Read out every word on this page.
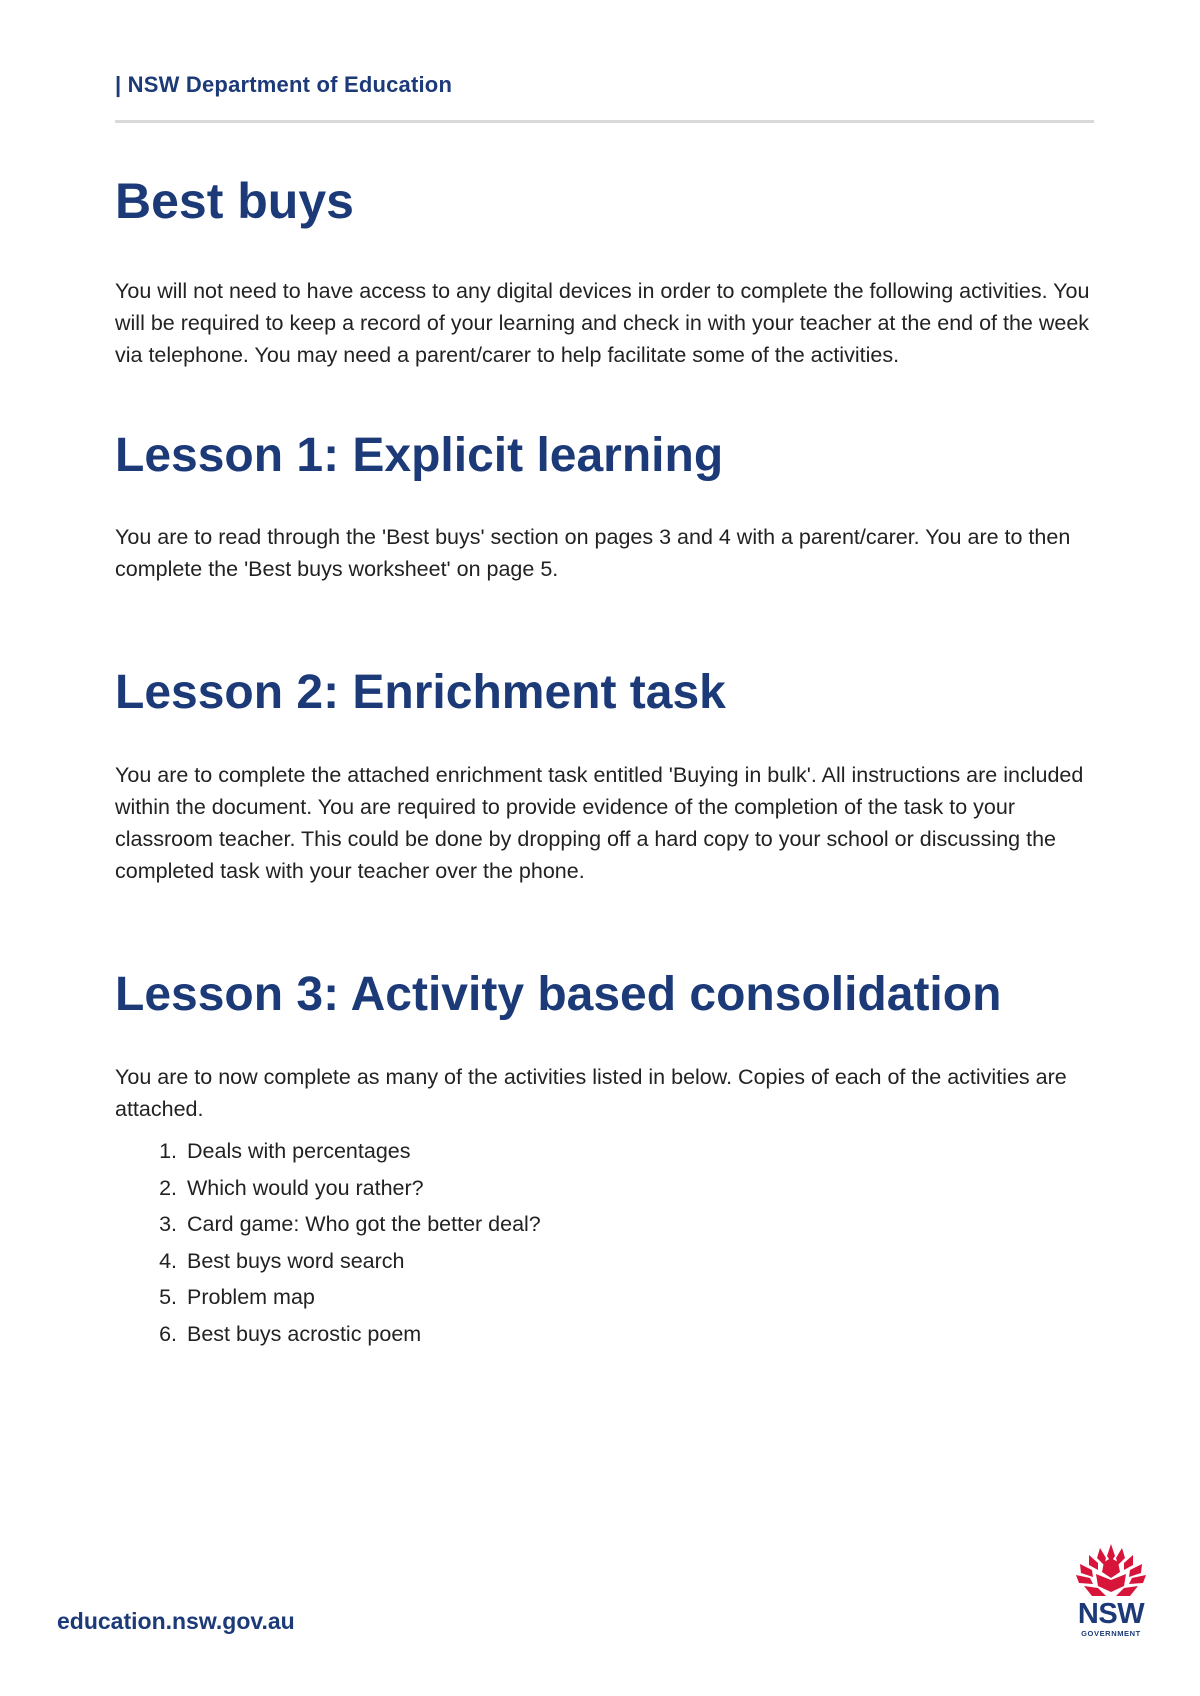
| NSW Department of Education
Best buys

You will not need to have access to any digital devices in order to complete the following activities. You will be required to keep a record of your learning and check in with your teacher at the end of the week via telephone. You may need a parent/carer to help facilitate some of the activities.

Lesson 1: Explicit learning

You are to read through the 'Best buys' section on pages 3 and 4 with a parent/carer. You are to then complete the 'Best buys worksheet' on page 5.

Lesson 2: Enrichment task

You are to complete the attached enrichment task entitled 'Buying in bulk'. All instructions are included within the document. You are required to provide evidence of the completion of the task to your classroom teacher. This could be done by dropping off a hard copy to your school or discussing the completed task with your teacher over the phone.

Lesson 3: Activity based consolidation

You are to now complete as many of the activities listed in below. Copies of each of the activities are attached.

1. Deals with percentages
2. Which would you rather?
3. Card game: Who got the better deal?
4. Best buys word search
5. Problem map
6. Best buys acrostic poem
education.nsw.gov.au	NSW
GOVERNMENT
